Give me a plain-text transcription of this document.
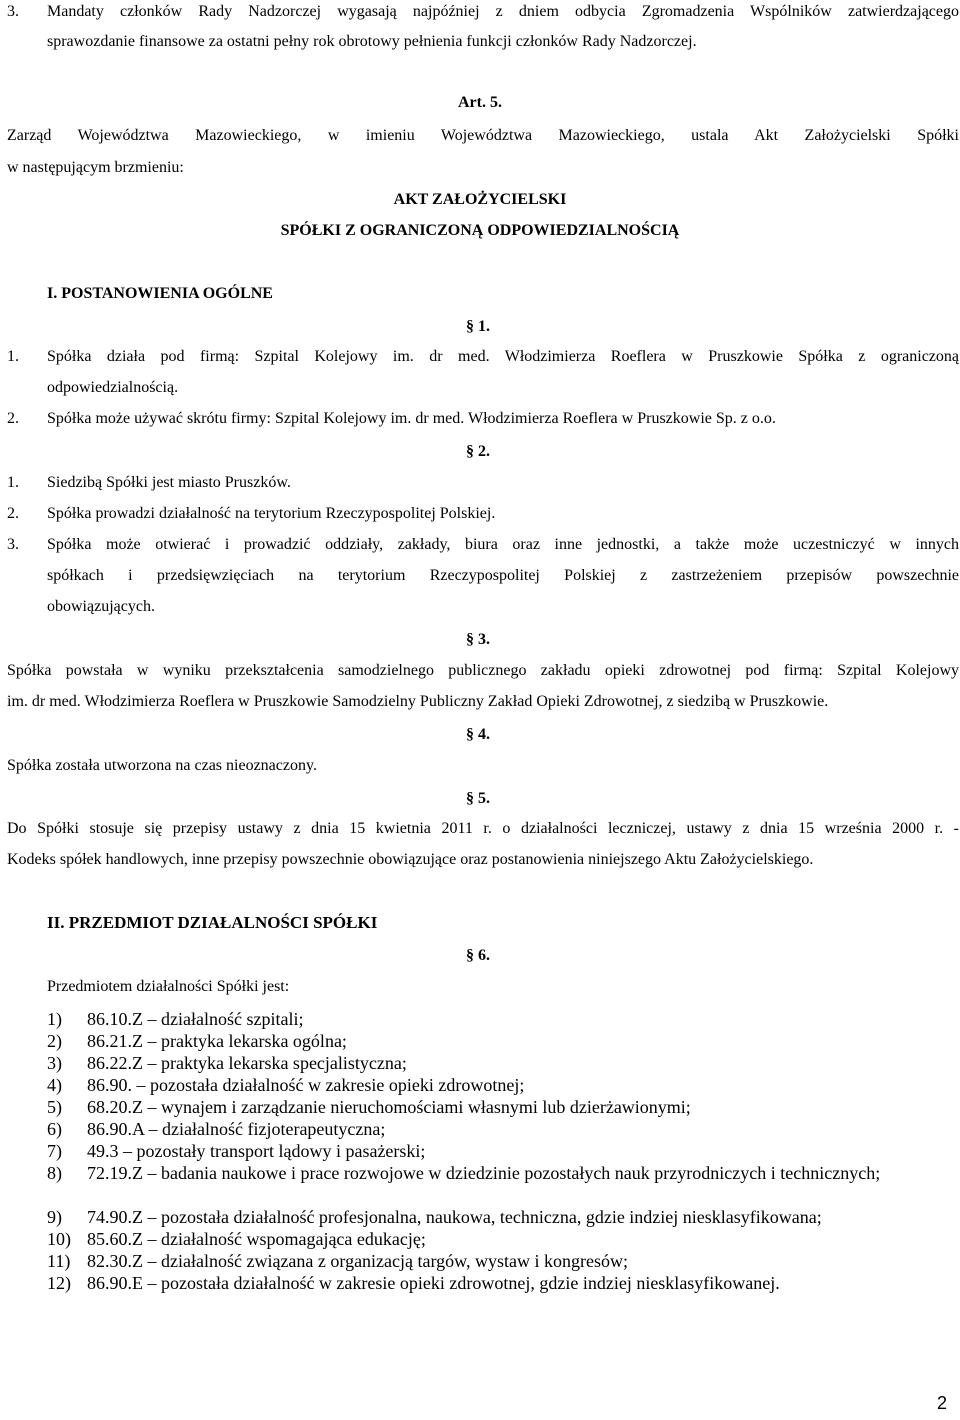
3. Mandaty członków Rady Nadzorczej wygasają najpóźniej z dniem odbycia Zgromadzenia Wspólników zatwierdzającego
sprawozdanie finansowe za ostatni pełny rok obrotowy pełnienia funkcji członków Rady Nadzorczej.
Art. 5.
Zarząd Województwa Mazowieckiego, w imieniu Województwa Mazowieckiego, ustala Akt Założycielski Spółki
w następującym brzmieniu:
AKT ZAŁOŻYCIELSKI
SPÓŁKI Z OGRANICZONĄ ODPOWIEDZIALNOŚCIĄ
I. POSTANOWIENIA OGÓLNE
§ 1.
1. Spółka działa pod firmą: Szpital Kolejowy im. dr med. Włodzimierza Roeflera w Pruszkowie Spółka z ograniczoną
odpowiedzialnością.
2. Spółka może używać skrótu firmy: Szpital Kolejowy im. dr med. Włodzimierza Roeflera w Pruszkowie Sp. z o.o.
§ 2.
1. Siedzibą Spółki jest miasto Pruszków.
2. Spółka prowadzi działalność na terytorium Rzeczypospolitej Polskiej.
3. Spółka może otwierać i prowadzić oddziały, zakłady, biura oraz inne jednostki, a także może uczestniczyć w innych
spółkach i przedsięwzięciach na terytorium Rzeczypospolitej Polskiej z zastrzeżeniem przepisów powszechnie
obowiązujących.
§ 3.
Spółka powstała w wyniku przekształcenia samodzielnego publicznego zakładu opieki zdrowotnej pod firmą: Szpital Kolejowy
im. dr med. Włodzimierza Roeflera w Pruszkowie Samodzielny Publiczny Zakład Opieki Zdrowotnej, z siedzibą w Pruszkowie.
§ 4.
Spółka została utworzona na czas nieoznaczony.
§ 5.
Do Spółki stosuje się przepisy ustawy z dnia 15 kwietnia 2011 r. o działalności leczniczej, ustawy z dnia 15 września 2000 r. -
Kodeks spółek handlowych, inne przepisy powszechnie obowiązujące oraz postanowienia niniejszego Aktu Założycielskiego.
II. PRZEDMIOT DZIAŁALNOŚCI SPÓŁKI
§ 6.
Przedmiotem działalności Spółki jest:
1)	86.10.Z – działalność szpitali;
2)	86.21.Z – praktyka lekarska ogólna;
3)	86.22.Z – praktyka lekarska specjalistyczna;
4)	86.90. – pozostała działalność w zakresie opieki zdrowotnej;
5)	68.20.Z – wynajem i zarządzanie nieruchomościami własnymi lub dzierżawionymi;
6)	86.90.A – działalność fizjoterapeutyczna;
7)	49.3 – pozostały transport lądowy i pasażerski;
8)	72.19.Z – badania naukowe i prace rozwojowe w dziedzinie pozostałych nauk przyrodniczych i technicznych;
9)	74.90.Z – pozostała działalność profesjonalna, naukowa, techniczna, gdzie indziej niesklasyfikowana;
10) 85.60.Z – działalność wspomagająca edukację;
11) 82.30.Z – działalność związana z organizacją targów, wystaw i kongresów;
12) 86.90.E – pozostała działalność w zakresie opieki zdrowotnej, gdzie indziej niesklasyfikowanej.
2
